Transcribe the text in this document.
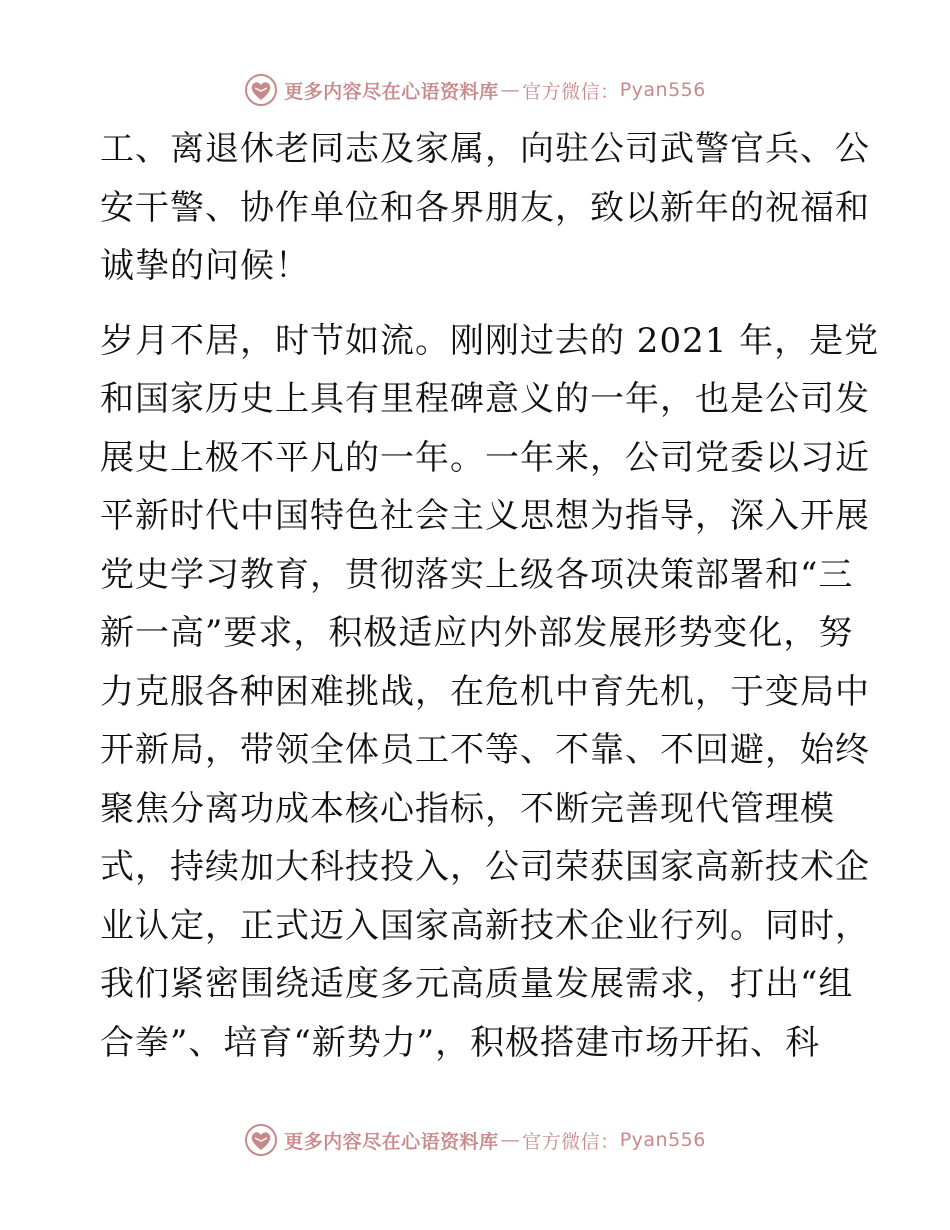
更多内容尽在心语资料库 — 官方微信： Pyan556

工、离退休老同志及家属，向驻公司武警官兵、公

安干警、协作单位和各界朋友，致以新年的祝福和

诚挚的问候！

岁月不居，时节如流。刚刚过去的 2021 年，是党

和国家历史上具有里程碑意义的一年，也是公司发

展史上极不平凡的一年。一年来，公司党委以习近

平新时代中国特色社会主义思想为指导，深入开展

党史学习教育，贯彻落实上级各项决策部署和“三

新一高”要求，积极适应内外部发展形势变化，努

力克服各种困难挑战，在危机中育先机，于变局中

开新局，带领全体员工不等、不靠、不回避，始终

聚焦分离功成本核心指标，不断完善现代管理模

式，持续加大科技投入，公司荣获国家高新技术企

业认定，正式迈入国家高新技术企业行列。同时，

我们紧密围绕适度多元高质量发展需求，打出“组

合拳”、培育“新势力”，积极搭建市场开拓、科

更多内容尽在心语资料库 — 官方微信： Pyan556
